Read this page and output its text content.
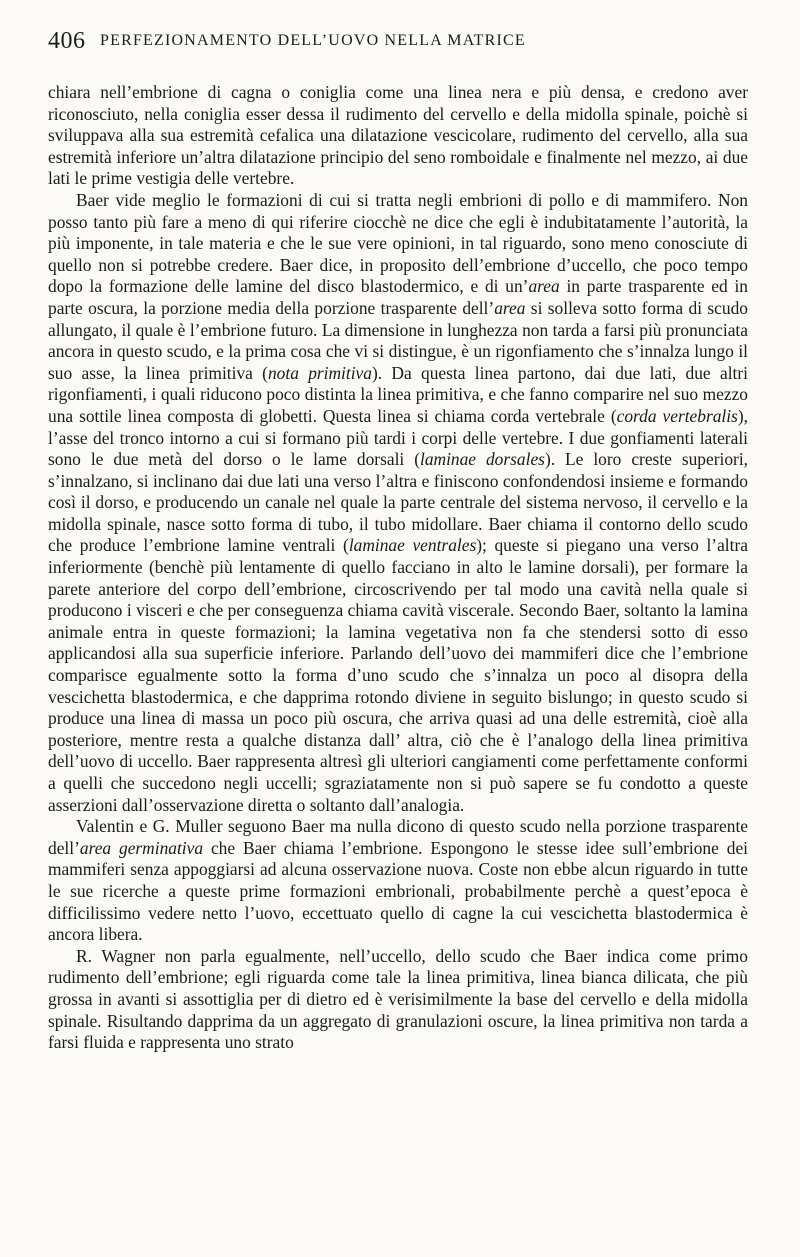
406 PERFEZIONAMENTO DELL’UOVO NELLA MATRICE

chiara nell’embrione di cagna o coniglia come una linea nera e più densa, e credono aver riconosciuto, nella coniglia esser dessa il rudimento del cervello e della midolla spinale, poichè si sviluppava alla sua estremità cefalica una dilatazione vescicolare, rudimento del cervello, alla sua estremità inferiore un’altra dilatazione principio del seno romboidale e finalmente nel mezzo, ai due lati le prime vestigia delle vertebre.

Baer vide meglio le formazioni di cui si tratta negli embrioni di pollo e di mammifero. Non posso tanto più fare a meno di qui riferire ciocchè ne dice che egli è indubitatamente l’autorità, la più imponente, in tale materia e che le sue vere opinioni, in tal riguardo, sono meno conosciute di quello non si potrebbe credere. Baer dice, in proposito dell’embrione d’uccello, che poco tempo dopo la formazione delle lamine del disco blastodermico, e di un’area in parte trasparente ed in parte oscura, la porzione media della porzione trasparente dell’area si solleva sotto forma di scudo allungato, il quale è l’embrione futuro. La dimensione in lunghezza non tarda a farsi più pronunciata ancora in questo scudo, e la prima cosa che vi si distingue, è un rigonfiamento che s’innalza lungo il suo asse, la linea primitiva (nota primitiva). Da questa linea partono, dai due lati, due altri rigonfiamenti, i quali riducono poco distinta la linea primitiva, e che fanno comparire nel suo mezzo una sottile linea composta di globetti. Questa linea si chiama corda vertebrale (corda vertebralis), l’asse del tronco intorno a cui si formano più tardi i corpi delle vertebre. I due gonfiamenti laterali sono le due metà del dorso o le lame dorsali (laminae dorsales). Le loro creste superiori, s’innalzano, si inclinano dai due lati una verso l’altra e finiscono confondendosi insieme e formando così il dorso, e producendo un canale nel quale la parte centrale del sistema nervoso, il cervello e la midolla spinale, nasce sotto forma di tubo, il tubo midollare. Baer chiama il contorno dello scudo che produce l’embrione lamine ventrali (laminae ventrales); queste si piegano una verso l’altra inferiormente (benchè più lentamente di quello facciano in alto le lamine dorsali), per formare la parete anteriore del corpo dell’embrione, circoscrivendo per tal modo una cavità nella quale si producono i visceri e che per conseguenza chiama cavità viscerale. Secondo Baer, soltanto la lamina animale entra in queste formazioni; la lamina vegetativa non fa che stendersi sotto di esso applicandosi alla sua superficie inferiore. Parlando dell’uovo dei mammiferi dice che l’embrione comparisce egualmente sotto la forma d’uno scudo che s’innalza un poco al disopra della vescichetta blastodermica, e che dapprima rotondo diviene in seguito bislungo; in questo scudo si produce una linea di massa un poco più oscura, che arriva quasi ad una delle estremità, cioè alla posteriore, mentre resta a qualche distanza dall’ altra, ciò che è l’analogo della linea primitiva dell’uovo di uccello. Baer rappresenta altresì gli ulteriori cangiamenti come perfettamente conformi a quelli che succedono negli uccelli; sgraziatamente non si può sapere se fu condotto a queste asserzioni dall’osservazione diretta o soltanto dall’analogia.

Valentin e G. Muller seguono Baer ma nulla dicono di questo scudo nella porzione trasparente dell’area germinativa che Baer chiama l’embrione. Espongono le stesse idee sull’embrione dei mammiferi senza appoggiarsi ad alcuna osservazione nuova. Coste non ebbe alcun riguardo in tutte le sue ricerche a queste prime formazioni embrionali, probabilmente perchè a quest’epoca è difficilissimo vedere netto l’uovo, eccettuato quello di cagne la cui vescichetta blastodermica è ancora libera.

R. Wagner non parla egualmente, nell’uccello, dello scudo che Baer indica come primo rudimento dell’embrione; egli riguarda come tale la linea primitiva, linea bianca dilicata, che più grossa in avanti si assottiglia per di dietro ed è verisimilmente la base del cervello e della midolla spinale. Risultando dapprima da un aggregato di granulazioni oscure, la linea primitiva non tarda a farsi fluida e rappresenta uno strato
